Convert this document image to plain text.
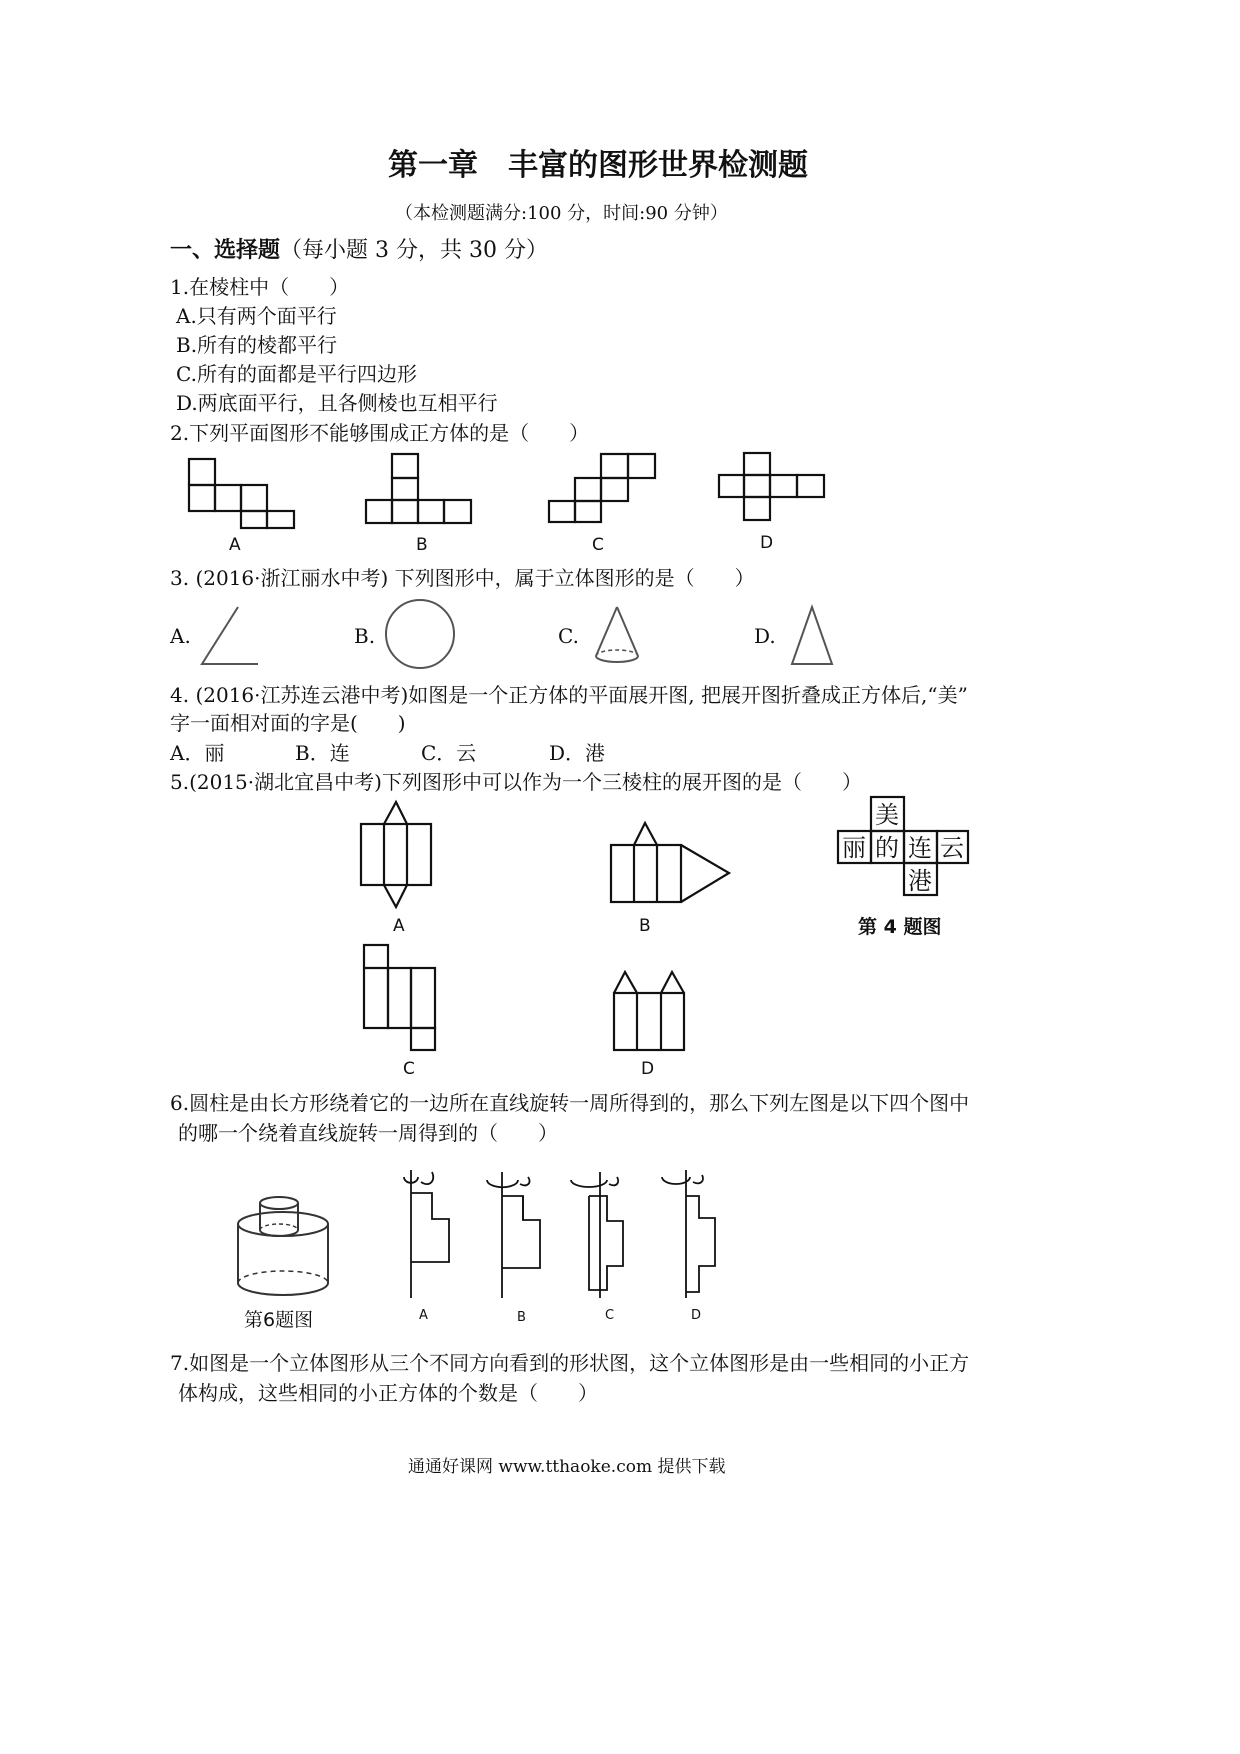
第一章　丰富的图形世界检测题
（本检测题满分:100 分，时间:90 分钟）
一、选择题（每小题 3 分，共 30 分）
1.在棱柱中（　　）
A.只有两个面平行
B.所有的棱都平行
C.所有的面都是平行四边形
D.两底面平行，且各侧棱也互相平行
2.下列平面图形不能够围成正方体的是（　　）
A	B	C	D
3. (2016·浙江丽水中考) 下列图形中，属于立体图形的是（　　）
A.	B.	C.	D.
4. (2016·江苏连云港中考)如图是一个正方体的平面展开图, 把展开图折叠成正方体后,“美”
字一面相对面的字是(　　)
A．丽	B．连	C．云	D．港
5.(2015·湖北宜昌中考)下列图形中可以作为一个三棱柱的展开图的是（　　）
A	B	第 4 题图
C	D
6.圆柱是由长方形绕着它的一边所在直线旋转一周所得到的，那么下列左图是以下四个图中
的哪一个绕着直线旋转一周得到的（　　）
第6题图	A	B	C	D
7.如图是一个立体图形从三个不同方向看到的形状图，这个立体图形是由一些相同的小正方
体构成，这些相同的小正方体的个数是（　　）
通通好课网 www.tthaoke.com 提供下载
美
丽 的 连 云
港
